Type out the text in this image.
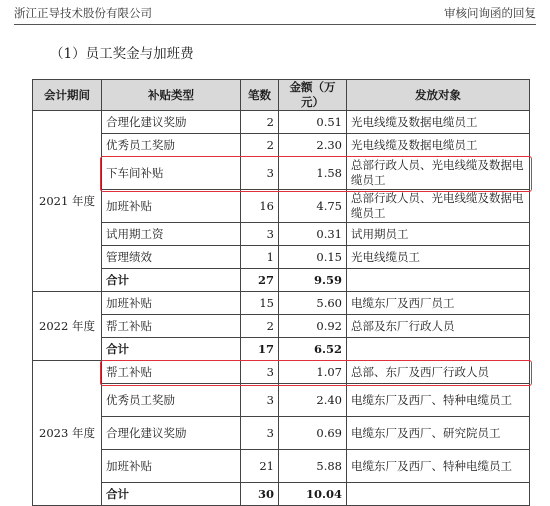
浙江正导技术股份有限公司	审核问询函的回复
（1）员工奖金与加班费
会计期间	补贴类型	笔数	金额（万元）	发放对象
2021 年度	合理化建议奖励	2	0.51	光电线缆及数据电缆员工
	优秀员工奖励	2	2.30	光电线缆及数据电缆员工
	下车间补贴	3	1.58	总部行政人员、光电线缆及数据电缆员工
	加班补贴	16	4.75	总部行政人员、光电线缆及数据电缆员工
	试用期工资	3	0.31	试用期员工
	管理绩效	1	0.15	光电线缆员工
	合计	27	9.59	
2022 年度	加班补贴	15	5.60	电缆东厂及西厂员工
	帮工补贴	2	0.92	总部及东厂行政人员
	合计	17	6.52	
2023 年度	帮工补贴	3	1.07	总部、东厂及西厂行政人员
	优秀员工奖励	3	2.40	电缆东厂及西厂、特种电缆员工
	合理化建议奖励	3	0.69	电缆东厂及西厂、研究院员工
	加班补贴	21	5.88	电缆东厂及西厂、特种电缆员工
	合计	30	10.04	
